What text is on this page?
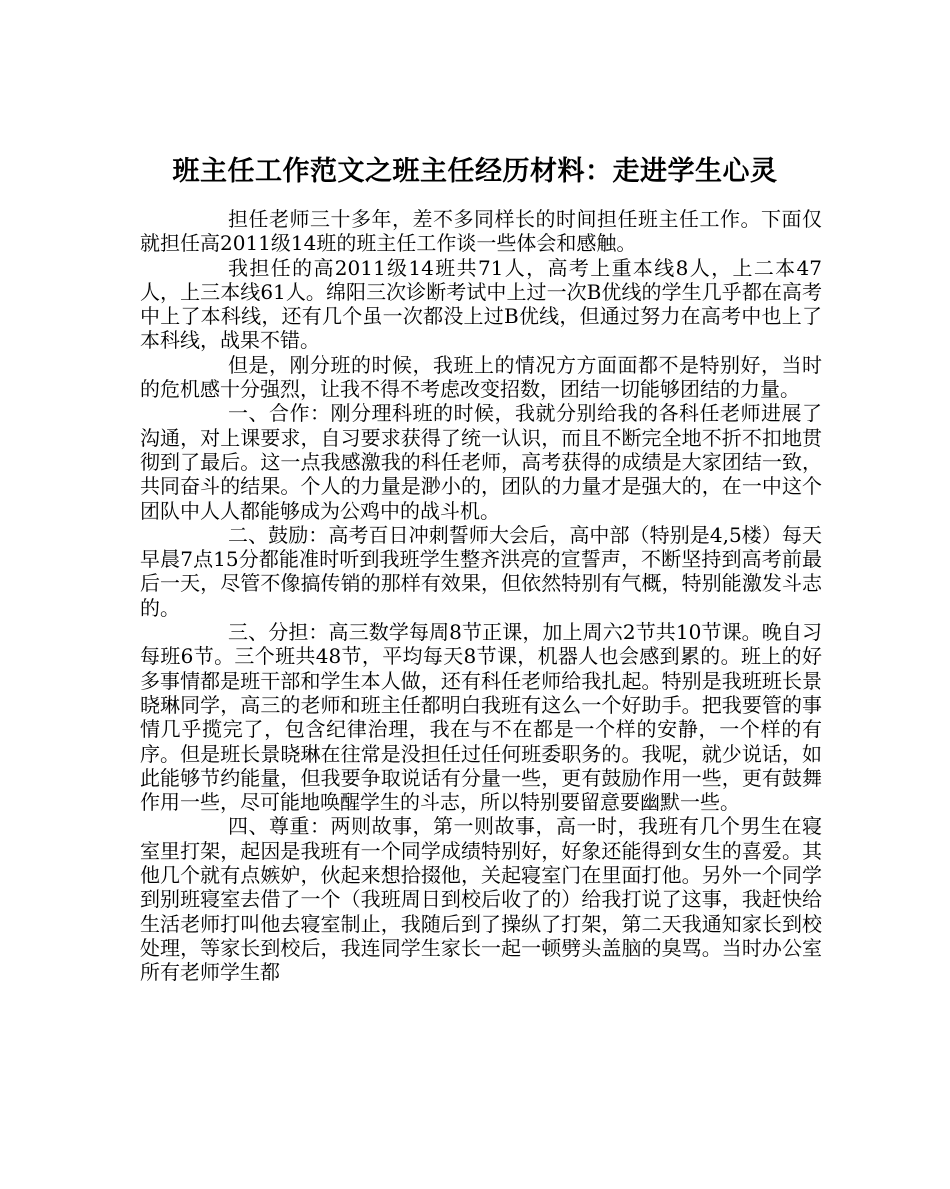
班主任工作范文之班主任经历材料：走进学生心灵

担任老师三十多年，差不多同样长的时间担任班主任工作。下面仅就担任高2011级14班的班主任工作谈一些体会和感触。

我担任的高2011级14班共71人，高考上重本线8人，上二本47人，上三本线61人。绵阳三次诊断考试中上过一次B优线的学生几乎都在高考中上了本科线，还有几个虽一次都没上过B优线，但通过努力在高考中也上了本科线，战果不错。

但是，刚分班的时候，我班上的情况方方面面都不是特别好，当时的危机感十分强烈，让我不得不考虑改变招数，团结一切能够团结的力量。

一、合作：刚分理科班的时候，我就分别给我的各科任老师进展了沟通，对上课要求，自习要求获得了统一认识，而且不断完全地不折不扣地贯彻到了最后。这一点我感激我的科任老师，高考获得的成绩是大家团结一致，共同奋斗的结果。个人的力量是渺小的，团队的力量才是强大的，在一中这个团队中人人都能够成为公鸡中的战斗机。

二、鼓励：高考百日冲刺誓师大会后，高中部（特别是4,5楼）每天早晨7点15分都能准时听到我班学生整齐洪亮的宣誓声，不断坚持到高考前最后一天，尽管不像搞传销的那样有效果，但依然特别有气概，特别能激发斗志的。

三、分担：高三数学每周8节正课，加上周六2节共10节课。晚自习每班6节。三个班共48节，平均每天8节课，机器人也会感到累的。班上的好多事情都是班干部和学生本人做，还有科任老师给我扎起。特别是我班班长景晓琳同学，高三的老师和班主任都明白我班有这么一个好助手。把我要管的事情几乎揽完了，包含纪律治理，我在与不在都是一个样的安静，一个样的有序。但是班长景晓琳在往常是没担任过任何班委职务的。我呢，就少说话，如此能够节约能量，但我要争取说话有分量一些，更有鼓励作用一些，更有鼓舞作用一些，尽可能地唤醒学生的斗志，所以特别要留意要幽默一些。

四、尊重：两则故事，第一则故事，高一时，我班有几个男生在寝室里打架，起因是我班有一个同学成绩特别好，好象还能得到女生的喜爱。其他几个就有点嫉妒，伙起来想拾掇他，关起寝室门在里面打他。另外一个同学到别班寝室去借了一个（我班周日到校后收了的）给我打说了这事，我赶快给生活老师打叫他去寝室制止，我随后到了操纵了打架，第二天我通知家长到校处理，等家长到校后，我连同学生家长一起一顿劈头盖脑的臭骂。当时办公室所有老师学生都
